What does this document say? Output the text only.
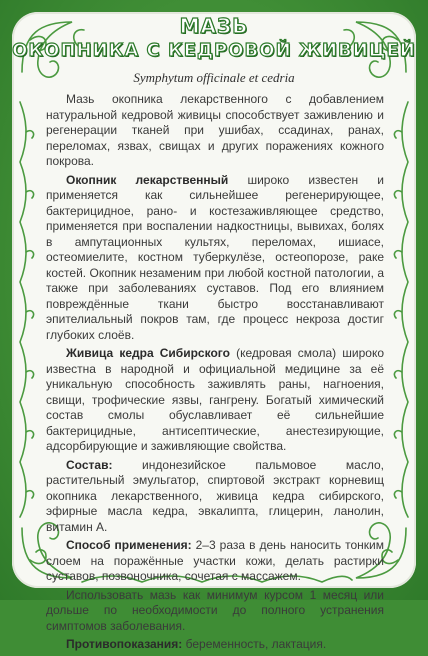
МАЗЬ
ОКОПНИКА С КЕДРОВОЙ ЖИВИЦЕЙ
Symphytum officinale et cedria

Мазь окопника лекарственного с добавлением натуральной кедровой живицы способствует заживлению и регенерации тканей при ушибах, ссадинах, ранах, переломах, язвах, свищах и других поражениях кожного покрова.

Окопник лекарственный широко известен и применяется как сильнейшее регенерирующее, бактерицидное, рано- и костезаживляющее средство, применяется при воспалении надкостницы, вывихах, болях в ампутационных культях, переломах, ишиасе, остеомиелите, костном туберкулёзе, остеопорозе, раке костей. Окопник незаменим при любой костной патологии, а также при заболеваниях суставов. Под его влиянием повреждённые ткани быстро восстанавливают эпителиальный покров там, где процесс некроза достиг глубоких слоёв.

Живица кедра Сибирского (кедровая смола) широко известна в народной и официальной медицине за её уникальную способность заживлять раны, нагноения, свищи, трофические язвы, гангрену. Богатый химический состав смолы обуславливает её сильнейшие бактерицидные, антисептические, анестезирующие, адсорбирующие и заживляющие свойства.

Состав: индонезийское пальмовое масло, растительный эмульгатор, спиртовой экстракт корневищ окопника лекарственного, живица кедра сибирского, эфирные масла кедра, эвкалипта, глицерин, ланолин, витамин А.

Способ применения: 2–3 раза в день наносить тонким слоем на поражённые участки кожи, делать растирки суставов, позвоночника, сочетая с массажем.

Использовать мазь как минимум курсом 1 месяц или дольше по необходимости до полного устранения симптомов заболевания.

Противопоказания: беременность, лактация.
